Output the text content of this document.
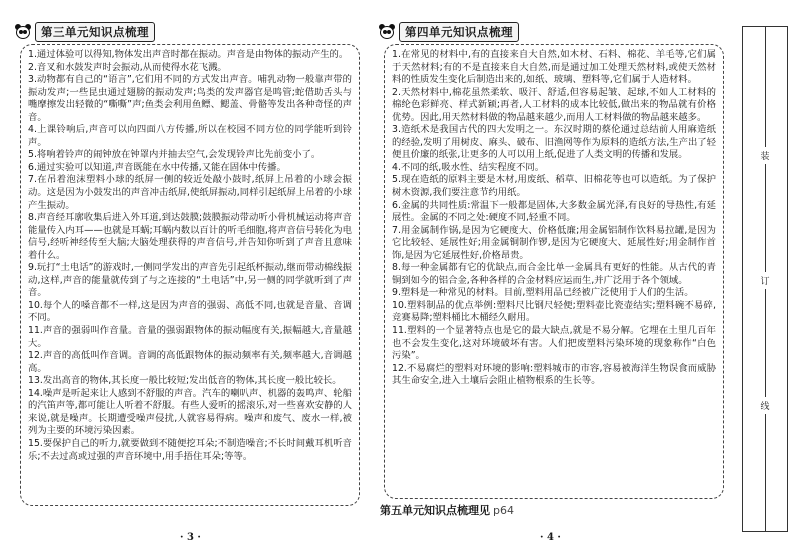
第三单元知识点梳理
1.通过体验可以得知,物体发出声音时都在振动。声音是由物体的振动产生的。
2.音叉和水鼓发声时会振动,从而使得水花飞溅。
3.动物都有自己的“语言”,它们用不同的方式发出声音。哺乳动物一般靠声带的振动发声;一些昆虫通过翅膀的振动发声;鸟类的发声器官是鸣管;蛇借助舌头与嘴摩擦发出轻微的“嘶嘶”声;鱼类会利用鱼鳔、鳃盖、骨骼等发出各种奇怪的声音。
4.上课铃响后,声音可以向四面八方传播,所以在校园不同方位的同学能听到铃声。
5.将响着铃声的闹钟放在钟罩内并抽去空气,会发现铃声比先前变小了。
6.通过实验可以知道,声音既能在水中传播,又能在固体中传播。
7.在吊着泡沫塑料小球的纸屏一侧的较近处敲小鼓时,纸屏上吊着的小球会振动。这是因为小鼓发出的声音冲击纸屏,使纸屏振动,同样引起纸屏上吊着的小球产生振动。
8.声音经耳廓收集后进入外耳道,到达鼓膜;鼓膜振动带动听小骨机械运动将声音能量传入内耳——也就是耳蜗;耳蜗内数以百计的听毛细胞,将声音信号转化为电信号,经听神经传至大脑;大脑处理获得的声音信号,并告知你听到了声音且意味着什么。
9.玩打“土电话”的游戏时,一侧同学发出的声音先引起纸杯振动,继而带动棉线振动,这样,声音的能量就传到了与之连接的“土电话”中,另一侧的同学就听到了声音。
10.每个人的嗓音都不一样,这是因为声音的强弱、高低不同,也就是音量、音调不同。
11.声音的强弱叫作音量。音量的强弱跟物体的振动幅度有关,振幅越大,音量越大。
12.声音的高低叫作音调。音调的高低跟物体的振动频率有关,频率越大,音调越高。
13.发出高音的物体,其长度一般比较短;发出低音的物体,其长度一般比较长。
14.噪声是听起来让人感到不舒服的声音。汽车的喇叭声、机器的轰鸣声、轮船的汽笛声等,都可能让人听着不舒服。有些人爱听的摇滚乐,对一些喜欢安静的人来说,就是噪声。长期遭受噪声侵扰,人就容易得病。噪声和废气、废水一样,被列为主要的环境污染因素。
15.要保护自己的听力,就要做到不随便挖耳朵;不制造噪音;不长时间戴耳机听音乐;不去过高或过强的声音环境中,用手捂住耳朵;等等。
· 3 ·
第四单元知识点梳理
1.在常见的材料中,有的直接来自大自然,如木材、石料、棉花、羊毛等,它们属于天然材料;有的不是直接来自大自然,而是通过加工处理天然材料,或使天然材料的性质发生变化后制造出来的,如纸、玻璃、塑料等,它们属于人造材料。
2.天然材料中,棉花虽然柔软、吸汗、舒适,但容易起皱、起球,不如人工材料的棉纶色彩鲜亮、样式新颖;再者,人工材料的成本比较低,做出来的物品就有价格优势。因此,用天然材料做的物品越来越少,而用人工材料做的物品越来越多。
3.造纸术是我国古代的四大发明之一。东汉时期的蔡伦通过总结前人用麻造纸的经验,发明了用树皮、麻头、破布、旧渔网等作为原料的造纸方法,生产出了轻便且价廉的纸张,让更多的人可以用上纸,促进了人类文明的传播和发展。
4.不同的纸,吸水性、结实程度不同。
5.现在造纸的原料主要是木材,用废纸、稻草、旧棉花等也可以造纸。为了保护树木资源,我们要注意节约用纸。
6.金属的共同性质:常温下一般都是固体,大多数金属光泽,有良好的导热性,有延展性。金属的不同之处:硬度不同,轻重不同。
7.用金属制作锅,是因为它硬度大、价格低廉;用金属铝制作饮料易拉罐,是因为它比较轻、延展性好;用金属铜制作锣,是因为它硬度大、延展性好;用金制作首饰,是因为它延展性好,价格昂贵。
8.每一种金属都有它的优缺点,而合金比单一金属具有更好的性能。从古代的青铜到如今的铝合金,各种各样的合金材料应运而生,并广泛用于各个领域。
9.塑料是一种常见的材料。目前,塑料用品已经被广泛使用于人们的生活。
10.塑料制品的优点举例:塑料尺比钢尺轻便;塑料壶比瓷壶结实;塑料碗不易碎,竞赛易降;塑料桶比木桶经久耐用。
11.塑料的一个显著特点也是它的最大缺点,就是不易分解。它埋在土里几百年也不会发生变化,这对环境破坏有害。人们把废塑料污染环境的现象称作“白色污染”。
12.不易腐烂的塑料对环境的影响:塑料城市的市容,容易被海洋生物误食而威胁其生命安全,进入土壤后会阻止植物根系的生长等。
第五单元知识点梳理见 p64
· 4 ·
装
订
线
